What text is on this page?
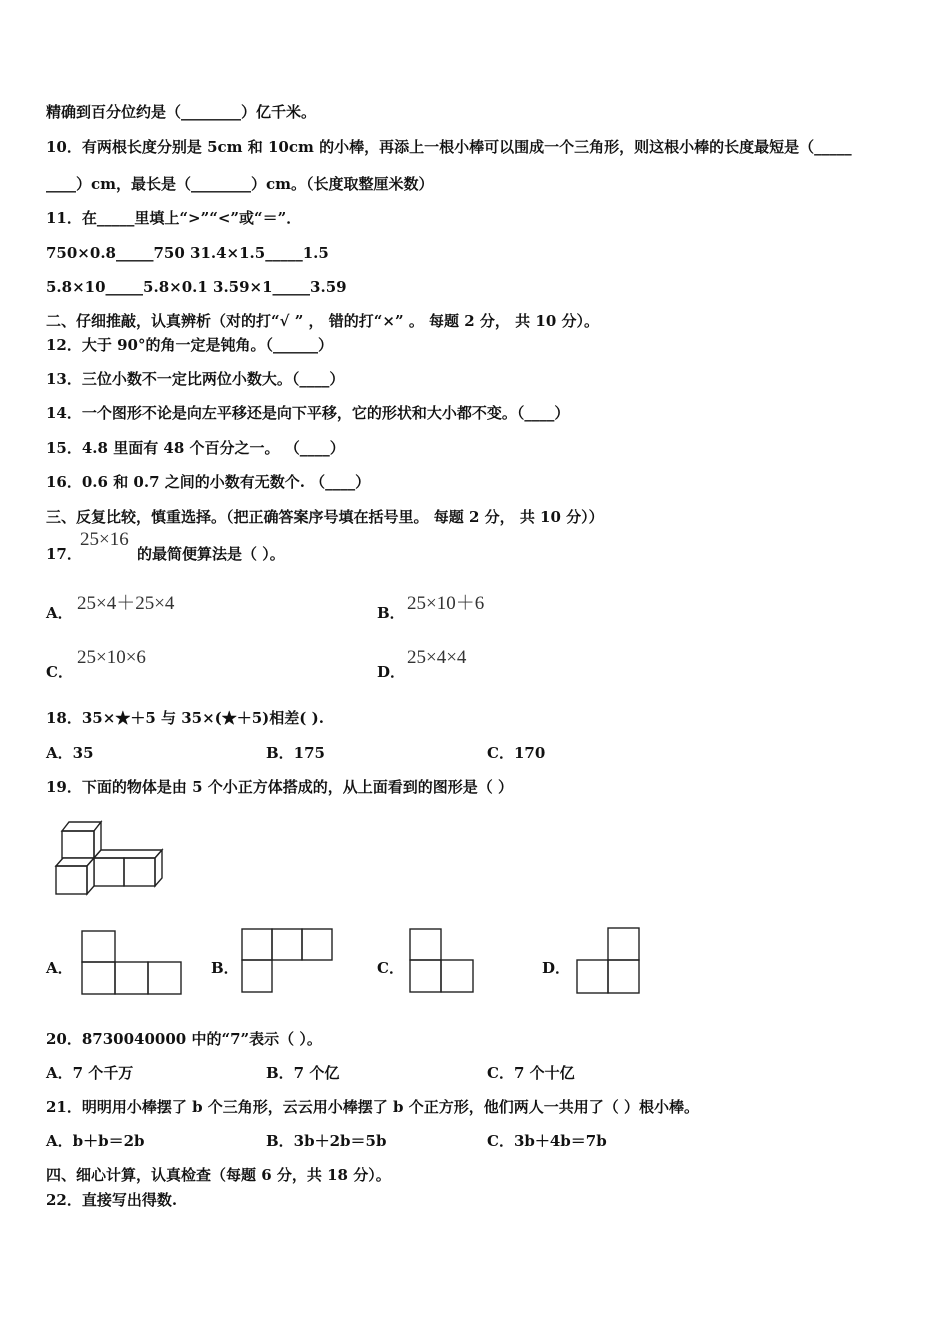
精确到百分位约是（________）亿千米。
10．有两根长度分别是 5cm 和 10cm 的小棒，再添上一根小棒可以围成一个三角形，则这根小棒的长度最短是（_____
____）cm，最长是（________）cm。（长度取整厘米数）
11．在_____里填上“>”“<”或“＝”．
750×0.8_____750 31.4×1.5_____1.5
5.8×10_____5.8×0.1 3.59×1_____3.59
二、仔细推敲，认真辨析（对的打“√ ” ， 错的打“×” 。 每题 2 分， 共 10 分）。
12．大于 90°的角一定是钝角。（______）
13．三位小数不一定比两位小数大。（____）
14．一个图形不论是向左平移还是向下平移，它的形状和大小都不变。（____）
15．4.8 里面有 48 个百分之一。 （____）
16．0.6 和 0.7 之间的小数有无数个. （____）
三、反复比较，慎重选择。（把正确答案序号填在括号里。 每题 2 分， 共 10 分））
17．
25×16
的最简便算法是（ ）。
A． 25×4＋25×4	B． 25×10＋6
C．
25×10×6
D．
25×4×4
18．35×★＋5 与 35×(★＋5)相差( ).
A．35	B．175	C．170
19．下面的物体是由 5 个小正方体搭成的，从上面看到的图形是（ ）
A．	B．	C．	D．
20．8730040000 中的“7”表示（ ）。
A．7 个千万	B．7 个亿	C．7 个十亿
21．明明用小棒摆了 b 个三角形，云云用小棒摆了 b 个正方形，他们两人一共用了（ ）根小棒。
A．b＋b＝2b	B．3b＋2b＝5b	C．3b＋4b＝7b
四、细心计算，认真检查（每题 6 分，共 18 分）。
22．直接写出得数.
